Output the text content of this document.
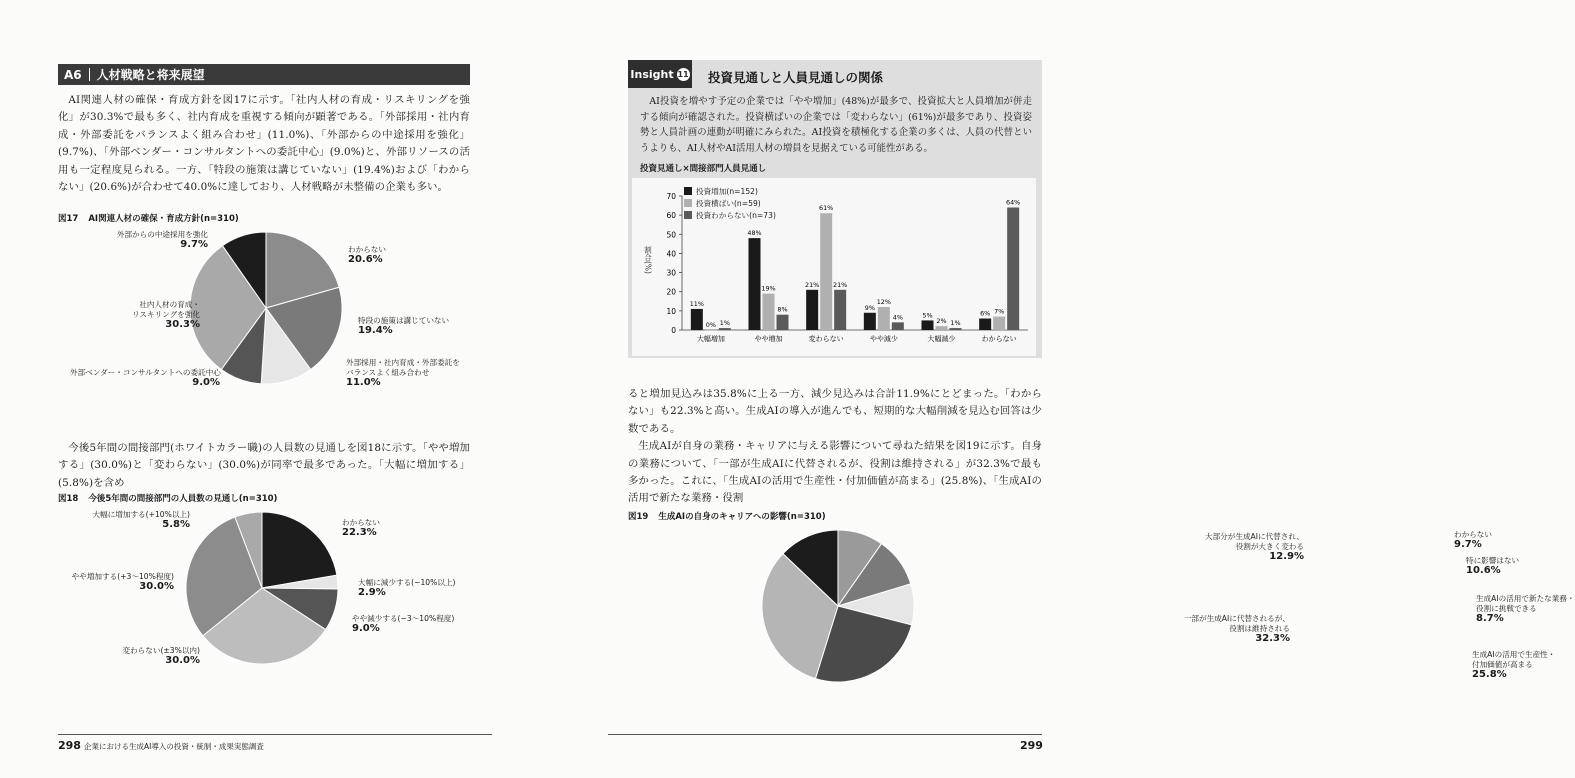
A6 人材戦略と将来展望

AI関連人材の確保・育成方針を図17に示す。「社内人材の育成・リスキリングを強化」が30.3%で最も多く、社内育成を重視する傾向が顕著である。「外部採用・社内育成・外部委託をバランスよく組み合わせ」(11.0%)、「外部からの中途採用を強化」(9.7%)、「外部ベンダー・コンサルタントへの委託中心」(9.0%)と、外部リソースの活用も一定程度見られる。一方、「特段の施策は講じていない」(19.4%)および「わからない」(20.6%)が合わせて40.0%に達しており、人材戦略が未整備の企業も多い。

図17 AI関連人材の確保・育成方針(n=310)
わからない
20.6%
特段の施策は講じていない
19.4%
外部採用・社内育成・外部委託を
バランスよく組み合わせ
11.0%
外部ベンダー・コンサルタントへの委託中心
9.0%
社内人材の育成・
リスキリングを強化
30.3%
外部からの中途採用を強化
9.7%

今後5年間の間接部門(ホワイトカラー職)の人員数の見通しを図18に示す。「やや増加する」(30.0%)と「変わらない」(30.0%)が同率で最多であった。「大幅に増加する」(5.8%)を含め

図18 今後5年間の間接部門の人員数の見通し(n=310)
わからない
22.3%
大幅に減少する(−10%以上)
2.9%
やや減少する(−3〜10%程度)
9.0%
変わらない(±3%以内)
30.0%
やや増加する(+3〜10%程度)
30.0%
大幅に増加する(+10%以上)
5.8%
298 企業における生成AI導入の投資・統制・成果実態調査
Insight 11 投資見通しと人員見通しの関係

AI投資を増やす予定の企業では「やや増加」(48%)が最多で、投資拡大と人員増加が併走する傾向が確認された。投資横ばいの企業では「変わらない」(61%)が最多であり、投資姿勢と人員計画の連動が明確にみられた。AI投資を積極化する企業の多くは、人員の代替というよりも、AI人材やAI活用人材の増員を見据えている可能性がある。

投資見通し×間接部門人員見通し
0
10
20
30
40
50
60
70
割合(%)
11%
0% 1%
大幅増加
48%
19%
8%
やや増加
21%
61%
21%
変わらない
9%
12%
4%
やや減少
5%
2% 1%
大幅減少
6% 7%
64%
わからない
投資増加(n=152)
投資横ばい(n=59)
投資わからない(n=73)

ると増加見込みは35.8%に上る一方、減少見込みは合計11.9%にとどまった。「わからない」も22.3%と高い。生成AIの導入が進んでも、短期的な大幅削減を見込む回答は少数である。

生成AIが自身の業務・キャリアに与える影響について尋ねた結果を図19に示す。自身の業務について、「一部が生成AIに代替されるが、役割は維持される」が32.3%で最も多かった。これに、「生成AIの活用で生産性・付加価値が高まる」(25.8%)、「生成AIの活用で新たな業務・役割

図19 生成AIの自身のキャリアへの影響(n=310)
わからない
9.7%
特に影響はない
10.6%
生成AIの活用で新たな業務・
役割に挑戦できる
8.7%
生成AIの活用で生産性・
付加価値が高まる
25.8%
一部が生成AIに代替されるが、
役割は維持される
32.3%
大部分が生成AIに代替され、
役割が大きく変わる
12.9%
299
